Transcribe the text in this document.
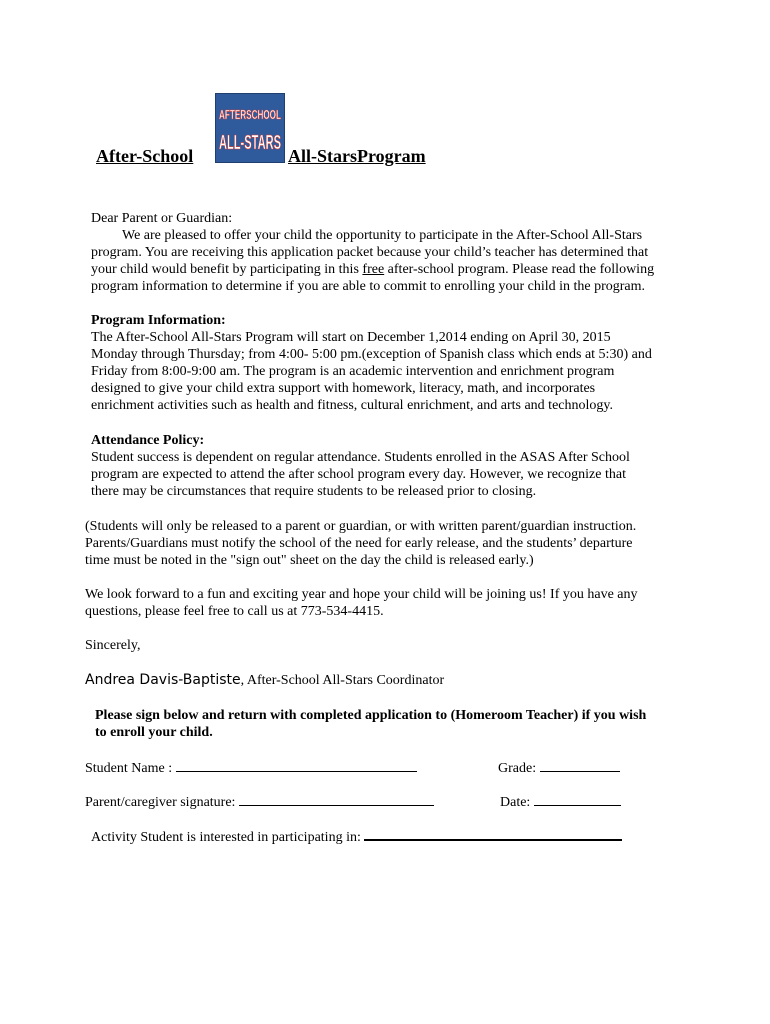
After-School
AFTERSCHOOL
ALL-STARS
All-StarsProgram

Dear Parent or Guardian:

We are pleased to offer your child the opportunity to participate in the After-School All-Stars

program. You are receiving this application packet because your child’s teacher has determined that

your child would benefit by participating in this free after-school program. Please read the following

program information to determine if you are able to commit to enrolling your child in the program.

Program Information:

The After-School All-Stars Program will start on December 1,2014 ending on April 30, 2015

Monday through Thursday; from 4:00- 5:00 pm.(exception of Spanish class which ends at 5:30) and

Friday from 8:00-9:00 am. The program is an academic intervention and enrichment program

designed to give your child extra support with homework, literacy, math, and incorporates

enrichment activities such as health and fitness, cultural enrichment, and arts and technology.

Attendance Policy:

Student success is dependent on regular attendance. Students enrolled in the ASAS After School

program are expected to attend the after school program every day. However, we recognize that

there may be circumstances that require students to be released prior to closing.

(Students will only be released to a parent or guardian, or with written parent/guardian instruction.

Parents/Guardians must notify the school of the need for early release, and the students’ departure

time must be noted in the "sign out" sheet on the day the child is released early.)

We look forward to a fun and exciting year and hope your child will be joining us! If you have any

questions, please feel free to call us at 773-534-4415.

Sincerely,

Andrea Davis-Baptiste, After-School All-Stars Coordinator

Please sign below and return with completed application to (Homeroom Teacher) if you wish

to enroll your child.

Student Name :	Grade:
Parent/caregiver signature:	Date:
Activity Student is interested in participating in:
